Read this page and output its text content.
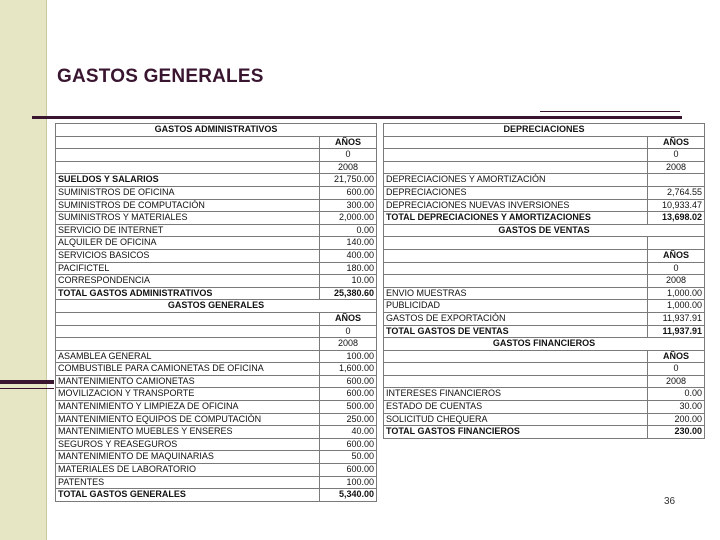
GASTOS GENERALES
GASTOS ADMINISTRATIVOS	
	AÑOS
	0
	2008
SUELDOS Y SALARIOS	21,750.00
SUMINISTROS DE OFICINA	600.00
SUMINISTROS DE COMPUTACIÓN	300.00
SUMINISTROS Y MATERIALES	2,000.00
SERVICIO DE INTERNET	0.00
ALQUILER DE OFICINA	140.00
SERVICIOS BASICOS	400.00
PACIFICTEL	180.00
CORRESPONDENCIA	10.00
TOTAL GASTOS ADMINISTRATIVOS	25,380.60
GASTOS GENERALES	
	AÑOS
	0
	2008
ASAMBLEA GENERAL	100.00
COMBUSTIBLE PARA CAMIONETAS DE OFICINA	1,600.00
MANTENIMIENTO CAMIONETAS	600.00
MOVILIZACION Y TRANSPORTE	600.00
MANTENIMIENTO Y LIMPIEZA DE OFICINA	500.00
MANTENIMIENTO EQUIPOS DE COMPUTACIÓN	250.00
MANTENIMIENTO MUEBLES Y ENSERES	40.00
SEGUROS Y REASEGUROS	600.00
MANTENIMIENTO DE MAQUINARIAS	50.00
MATERIALES DE LABORATORIO	600.00
PATENTES	100.00
TOTAL GASTOS GENERALES	5,340.00
DEPRECIACIONES	
	AÑOS
	0
	2008
DEPRECIACIONES Y AMORTIZACIÓN	
DEPRECIACIONES	2,764.55
DEPRECIACIONES NUEVAS INVERSIONES	10,933.47
TOTAL DEPRECIACIONES Y AMORTIZACIONES	13,698.02
GASTOS DE VENTAS	

	AÑOS
	0
	2008
ENVIO MUESTRAS	1,000.00
PUBLICIDAD	1,000.00
GASTOS DE EXPORTACIÓN	11,937.91
TOTAL GASTOS DE VENTAS	11,937.91
GASTOS FINANCIEROS	
	AÑOS
	0
	2008
INTERESES FINANCIEROS	0.00
ESTADO DE CUENTAS	30.00
SOLICITUD CHEQUERA	200.00
TOTAL GASTOS FINANCIEROS	230.00
36
